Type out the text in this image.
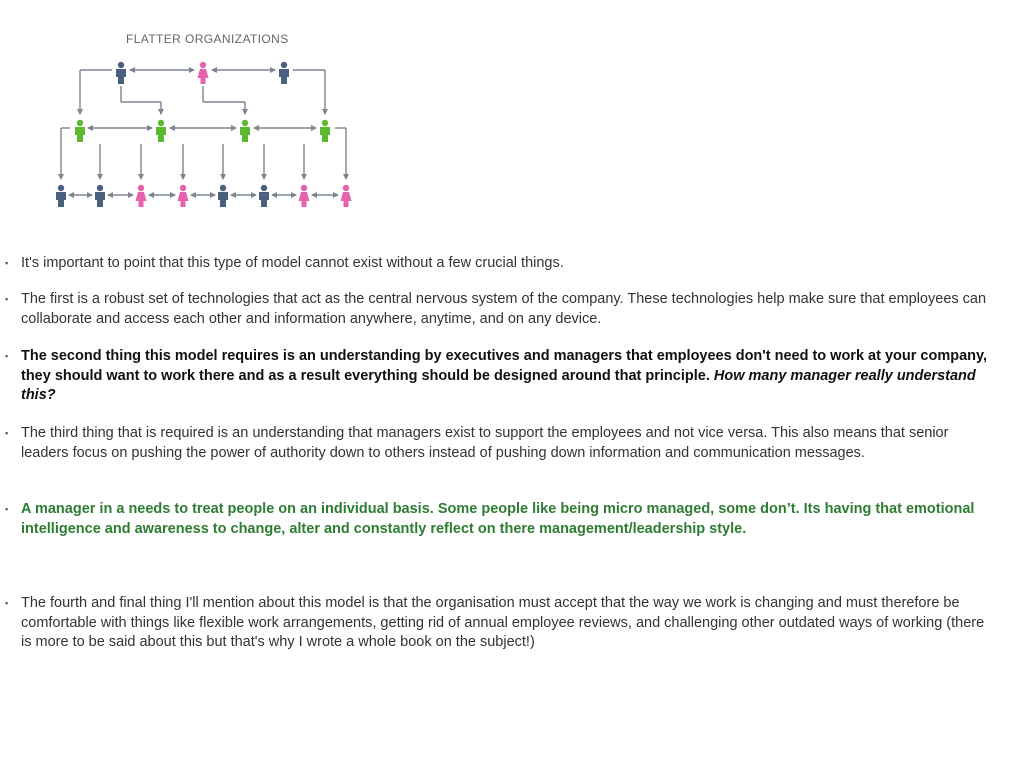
FLATTER ORGANIZATIONS
▪ It's important to point that this type of model cannot exist without a few crucial things.
▪ The first is a robust set of technologies that act as the central nervous system of the company. These technologies help make sure that employees can collaborate and access each other and information anywhere, anytime, and on any device.
▪ The second thing this model requires is an understanding by executives and managers that employees don't need to work at your company, they should want to work there and as a result everything should be designed around that principle. How many manager really understand this?
▪ The third thing that is required is an understanding that managers exist to support the employees and not vice versa. This also means that senior leaders focus on pushing the power of authority down to others instead of pushing down information and communication messages.
▪ A manager in a needs to treat people on an individual basis. Some people like being micro managed, some don’t. Its having that emotional intelligence and awareness to change, alter and constantly reflect on there management/leadership style.
▪ The fourth and final thing I'll mention about this model is that the organisation must accept that the way we work is changing and must therefore be comfortable with things like flexible work arrangements, getting rid of annual employee reviews, and challenging other outdated ways of working (there is more to be said about this but that's why I wrote a whole book on the subject!)
